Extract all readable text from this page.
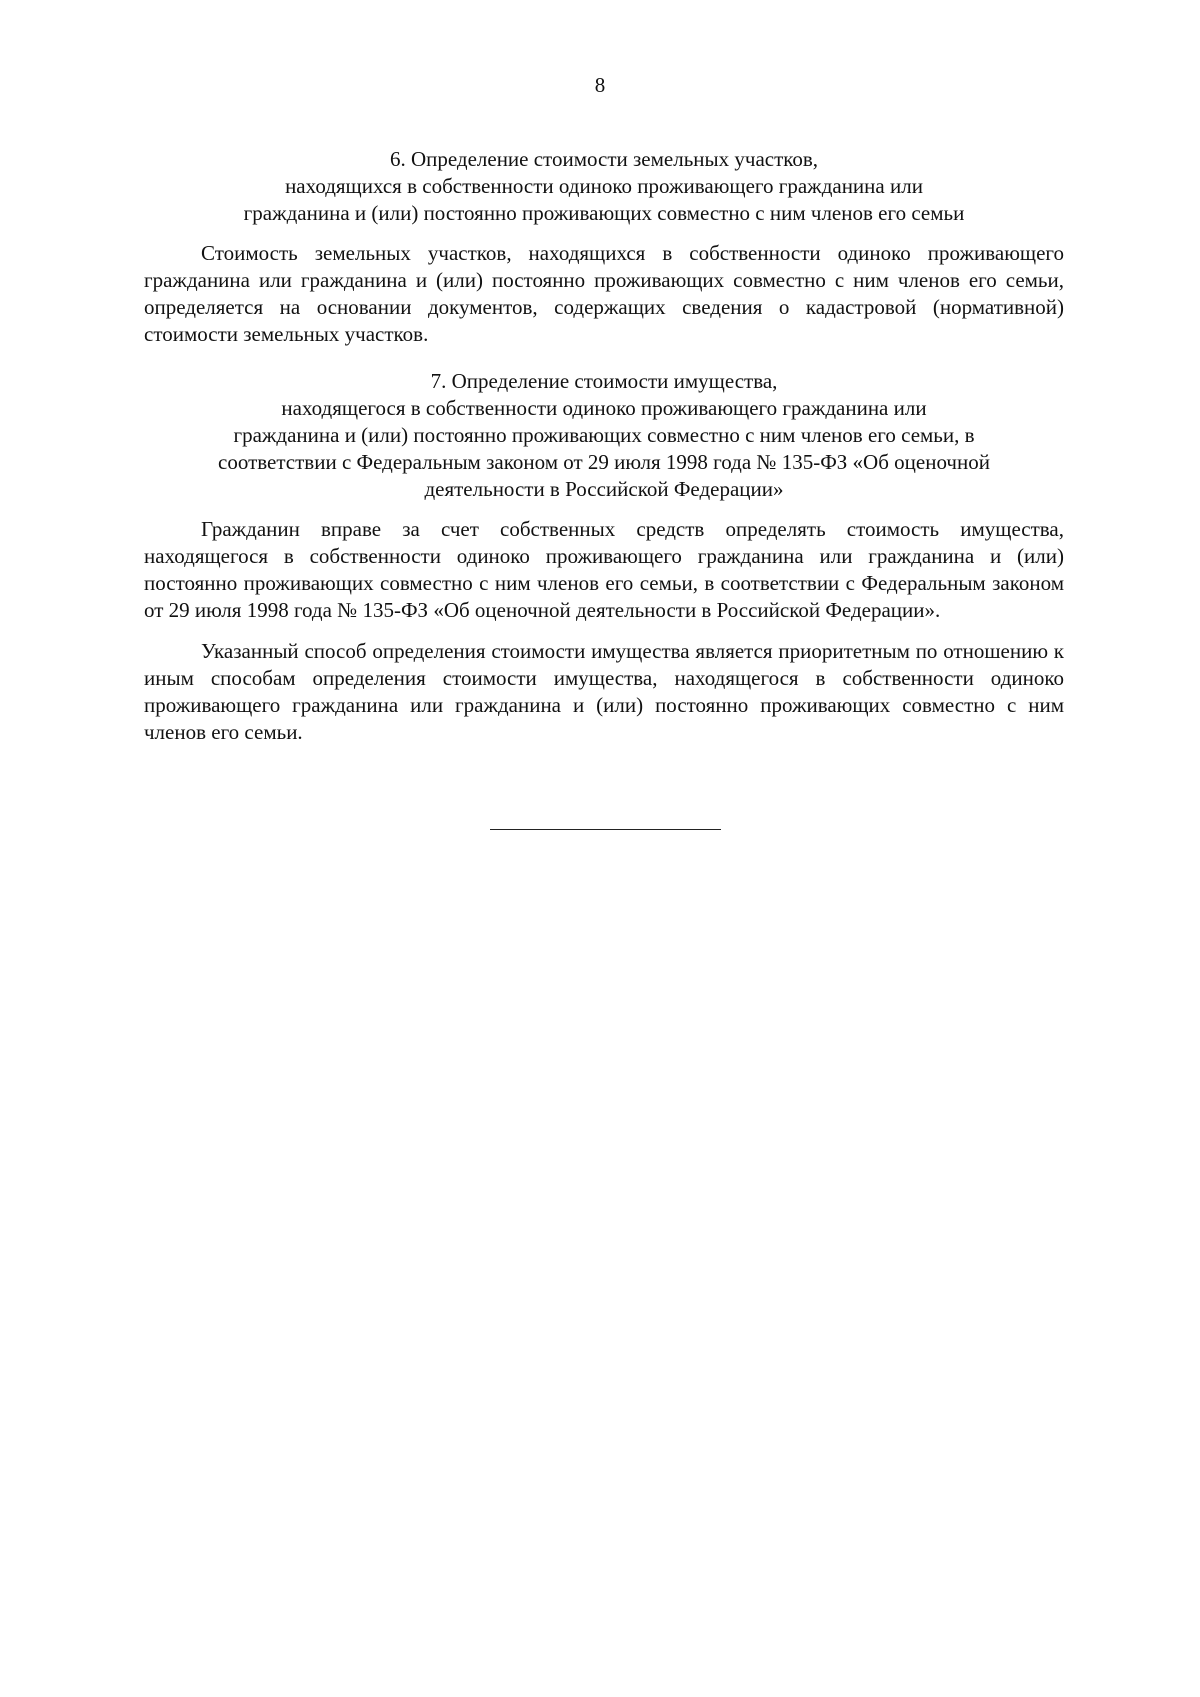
8
6. Определение стоимости земельных участков,
находящихся в собственности одиноко проживающего гражданина или
гражданина и (или) постоянно проживающих совместно с ним членов его семьи

Стоимость земельных участков, находящихся в собственности одиноко проживающего гражданина или гражданина и (или) постоянно проживающих совместно с ним членов его семьи, определяется на основании документов, содержащих сведения о кадастровой (нормативной) стоимости земельных участков.

7. Определение стоимости имущества,
находящегося в собственности одиноко проживающего гражданина или
гражданина и (или) постоянно проживающих совместно с ним членов его семьи, в
соответствии с Федеральным законом от 29 июля 1998 года № 135-ФЗ «Об оценочной
деятельности в Российской Федерации»

Гражданин вправе за счет собственных средств определять стоимость имущества, находящегося в собственности одиноко проживающего гражданина или гражданина и (или) постоянно проживающих совместно с ним членов его семьи, в соответствии с Федеральным законом от 29 июля 1998 года № 135-ФЗ «Об оценочной деятельности в Российской Федерации».

Указанный способ определения стоимости имущества является приоритетным по отношению к иным способам определения стоимости имущества, находящегося в собственности одиноко проживающего гражданина или гражданина и (или) постоянно проживающих совместно с ним членов его семьи.
